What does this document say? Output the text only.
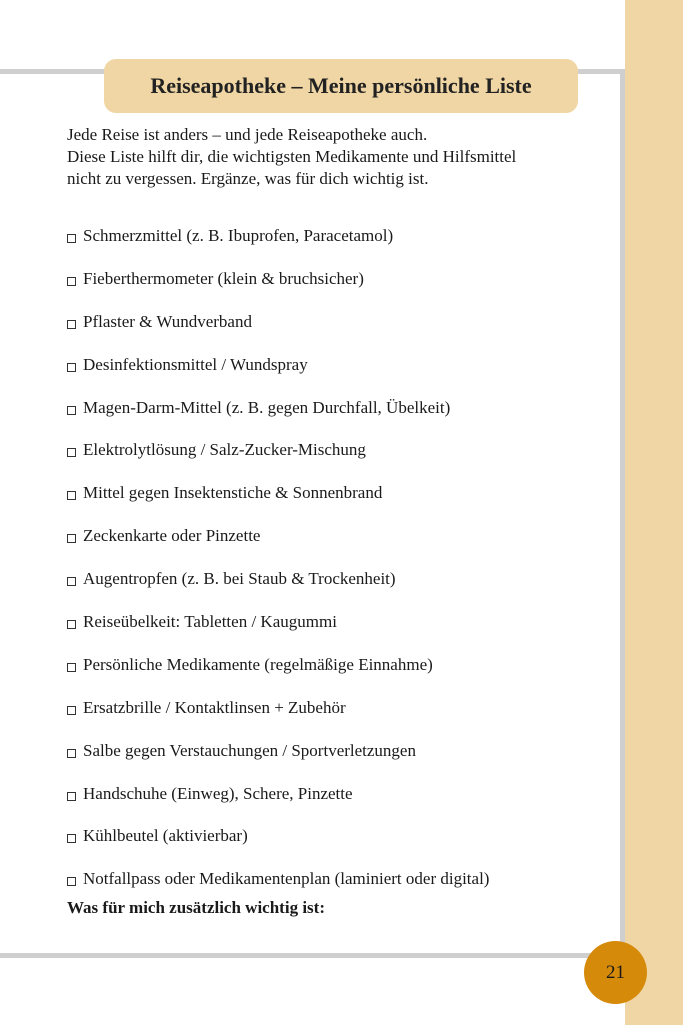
Reiseapotheke – Meine persönliche Liste
Jede Reise ist anders – und jede Reiseapotheke auch.
Diese Liste hilft dir, die wichtigsten Medikamente und Hilfsmittel
nicht zu vergessen. Ergänze, was für dich wichtig ist.
Schmerzmittel (z. B. Ibuprofen, Paracetamol)
Fieberthermometer (klein & bruchsicher)
Pflaster & Wundverband
Desinfektionsmittel / Wundspray
Magen-Darm-Mittel (z. B. gegen Durchfall, Übelkeit)
Elektrolytlösung / Salz-Zucker-Mischung
Mittel gegen Insektenstiche & Sonnenbrand
Zeckenkarte oder Pinzette
Augentropfen (z. B. bei Staub & Trockenheit)
Reiseübelkeit: Tabletten / Kaugummi
Persönliche Medikamente (regelmäßige Einnahme)
Ersatzbrille / Kontaktlinsen + Zubehör
Salbe gegen Verstauchungen / Sportverletzungen
Handschuhe (Einweg), Schere, Pinzette
Kühlbeutel (aktivierbar)
Notfallpass oder Medikamentenplan (laminiert oder digital)
Was für mich zusätzlich wichtig ist:
21
